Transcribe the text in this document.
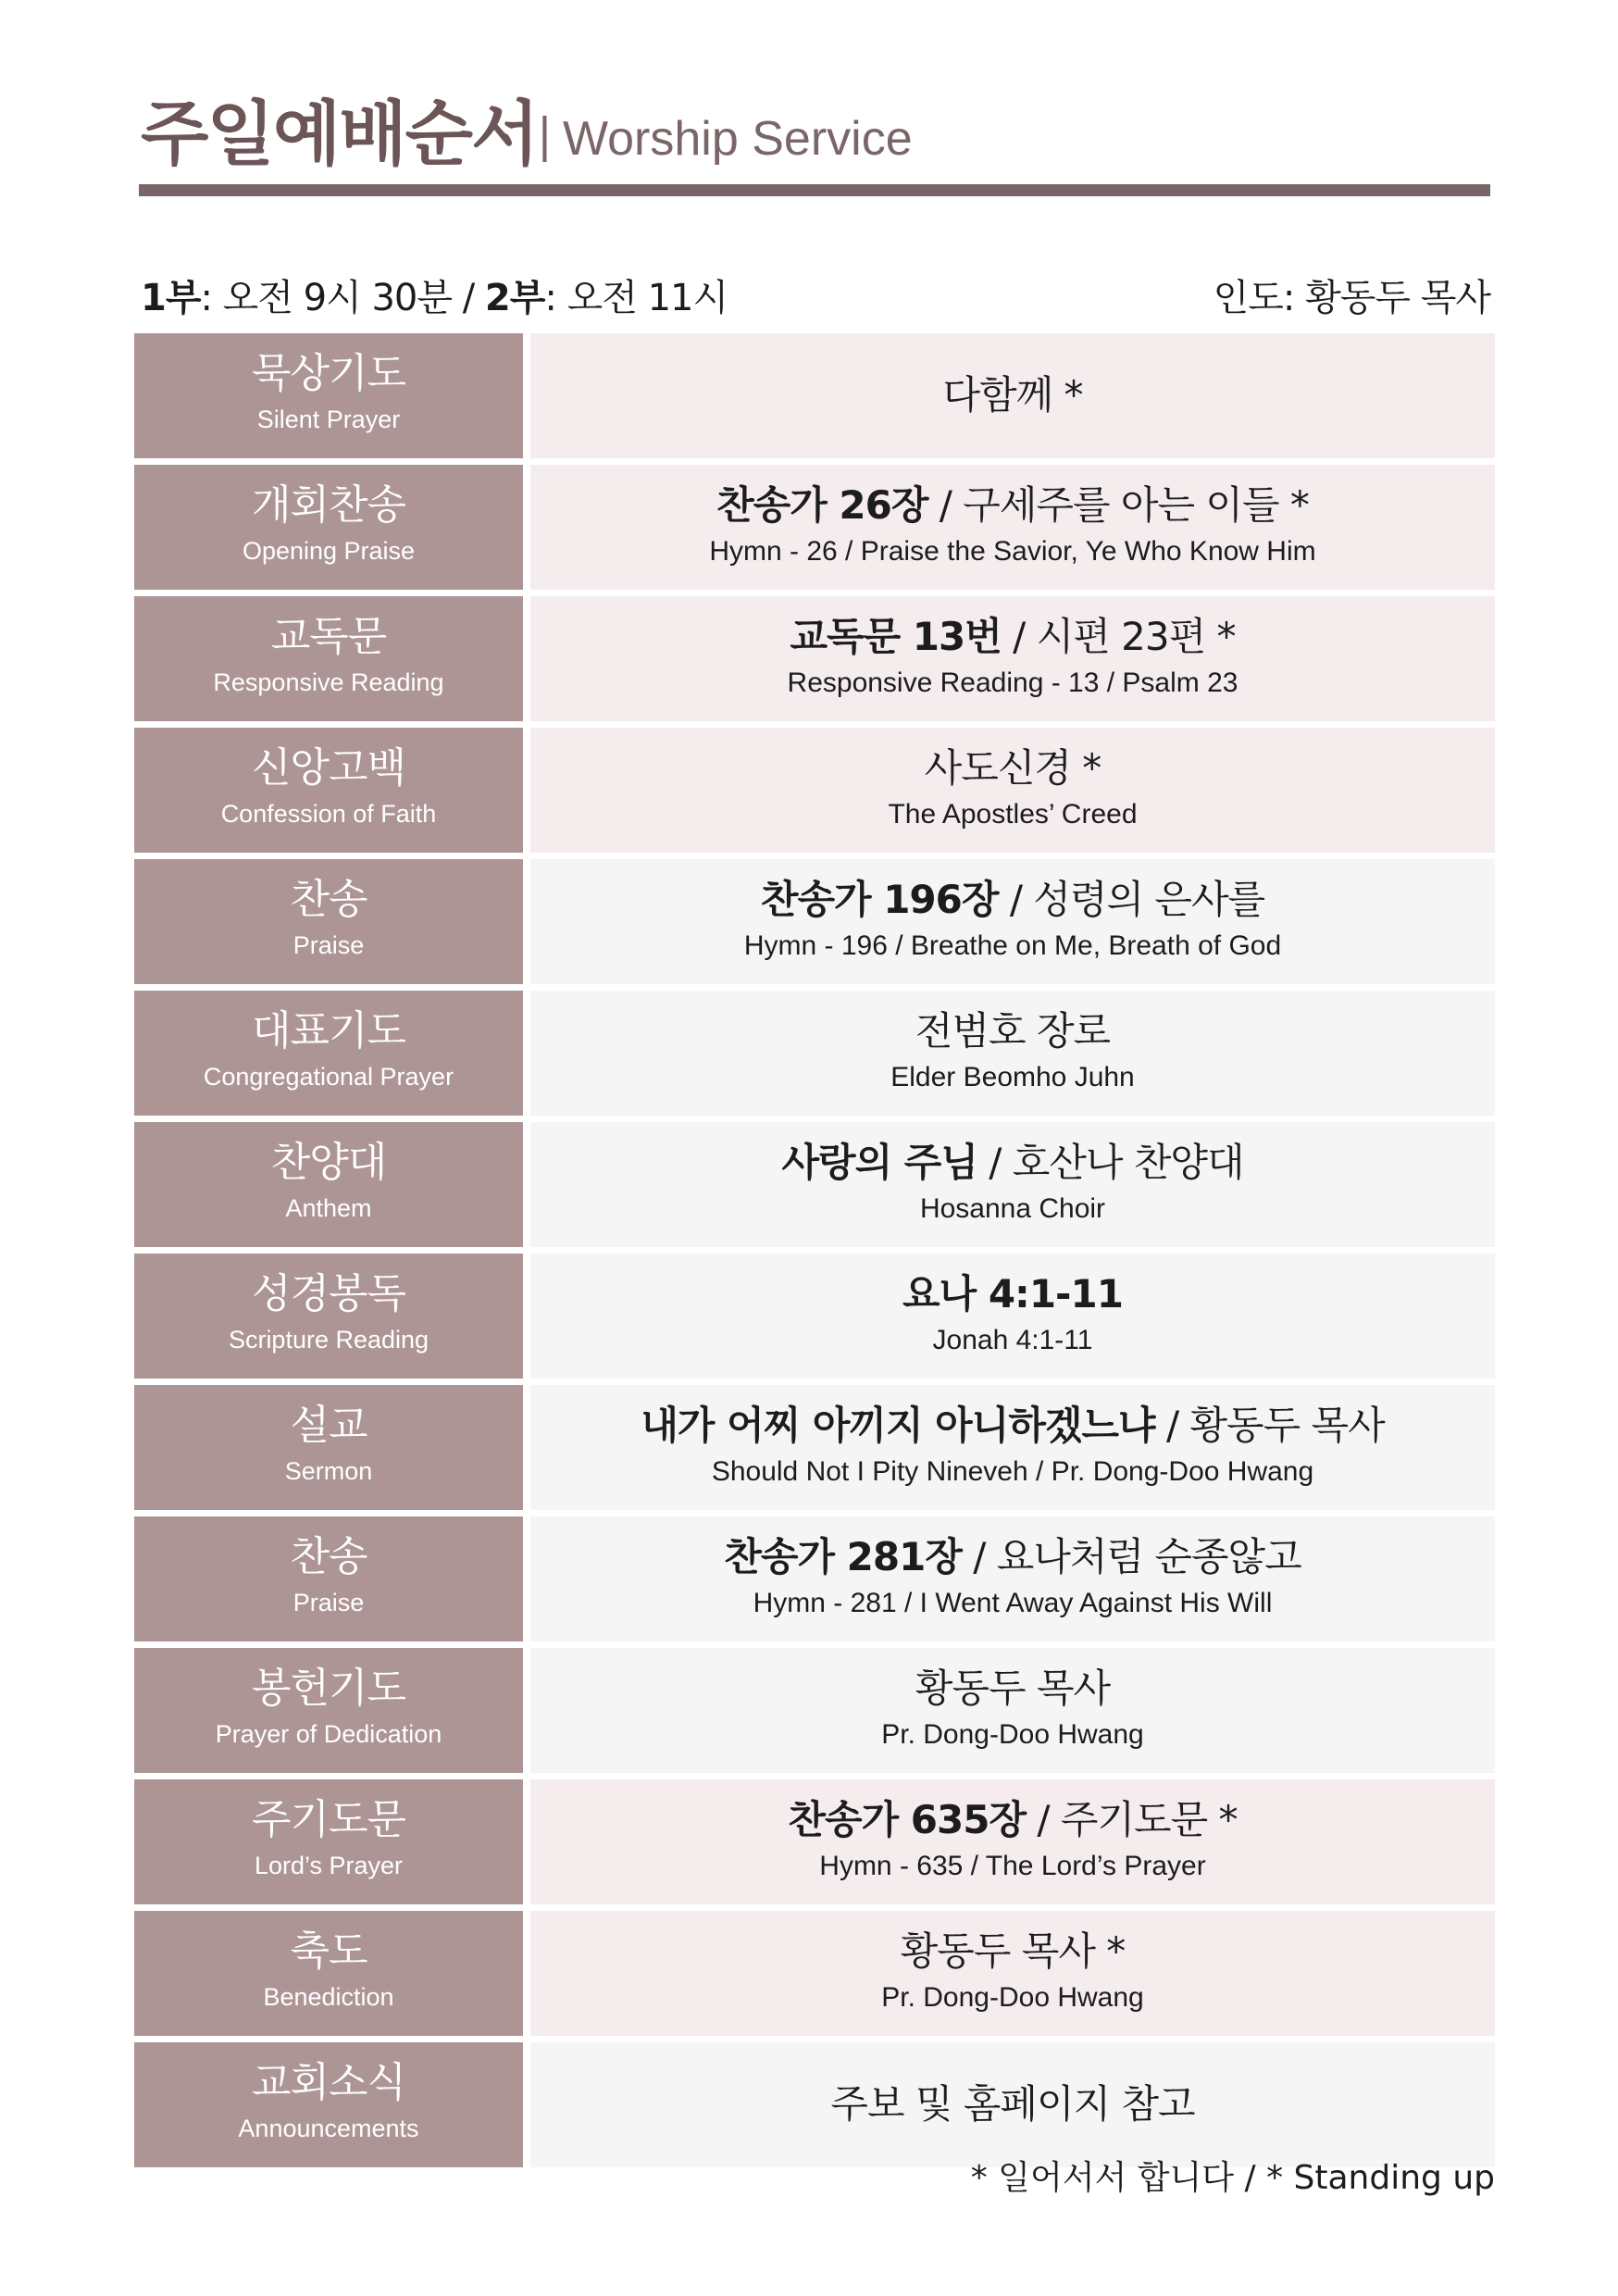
주일예배순서 | Worship Service
1부: 오전 9시 30분 / 2부: 오전 11시	인도: 황동두 목사
묵상기도
Silent Prayer
다함께 *
개회찬송
Opening Praise
찬송가 26장 / 구세주를 아는 이들 *
Hymn - 26 / Praise the Savior, Ye Who Know Him
교독문
Responsive Reading
교독문 13번 / 시편 23편 *
Responsive Reading - 13 / Psalm 23
신앙고백
Confession of Faith
사도신경 *
The Apostles’ Creed
찬송
Praise
찬송가 196장 / 성령의 은사를
Hymn - 196 / Breathe on Me, Breath of God
대표기도
Congregational Prayer
전범호 장로
Elder Beomho Juhn
찬양대
Anthem
사랑의 주님 / 호산나 찬양대
Hosanna Choir
성경봉독
Scripture Reading
요나 4:1-11
Jonah 4:1-11
설교
Sermon
내가 어찌 아끼지 아니하겠느냐 / 황동두 목사
Should Not I Pity Nineveh / Pr. Dong-Doo Hwang
찬송
Praise
찬송가 281장 / 요나처럼 순종않고
Hymn - 281 / I Went Away Against His Will
봉헌기도
Prayer of Dedication
황동두 목사
Pr. Dong-Doo Hwang
주기도문
Lord’s Prayer
찬송가 635장 / 주기도문 *
Hymn - 635 / The Lord’s Prayer
축도
Benediction
황동두 목사 *
Pr. Dong-Doo Hwang
교회소식
Announcements
주보 및 홈페이지 참고
* 일어서서 합니다 / * Standing up
